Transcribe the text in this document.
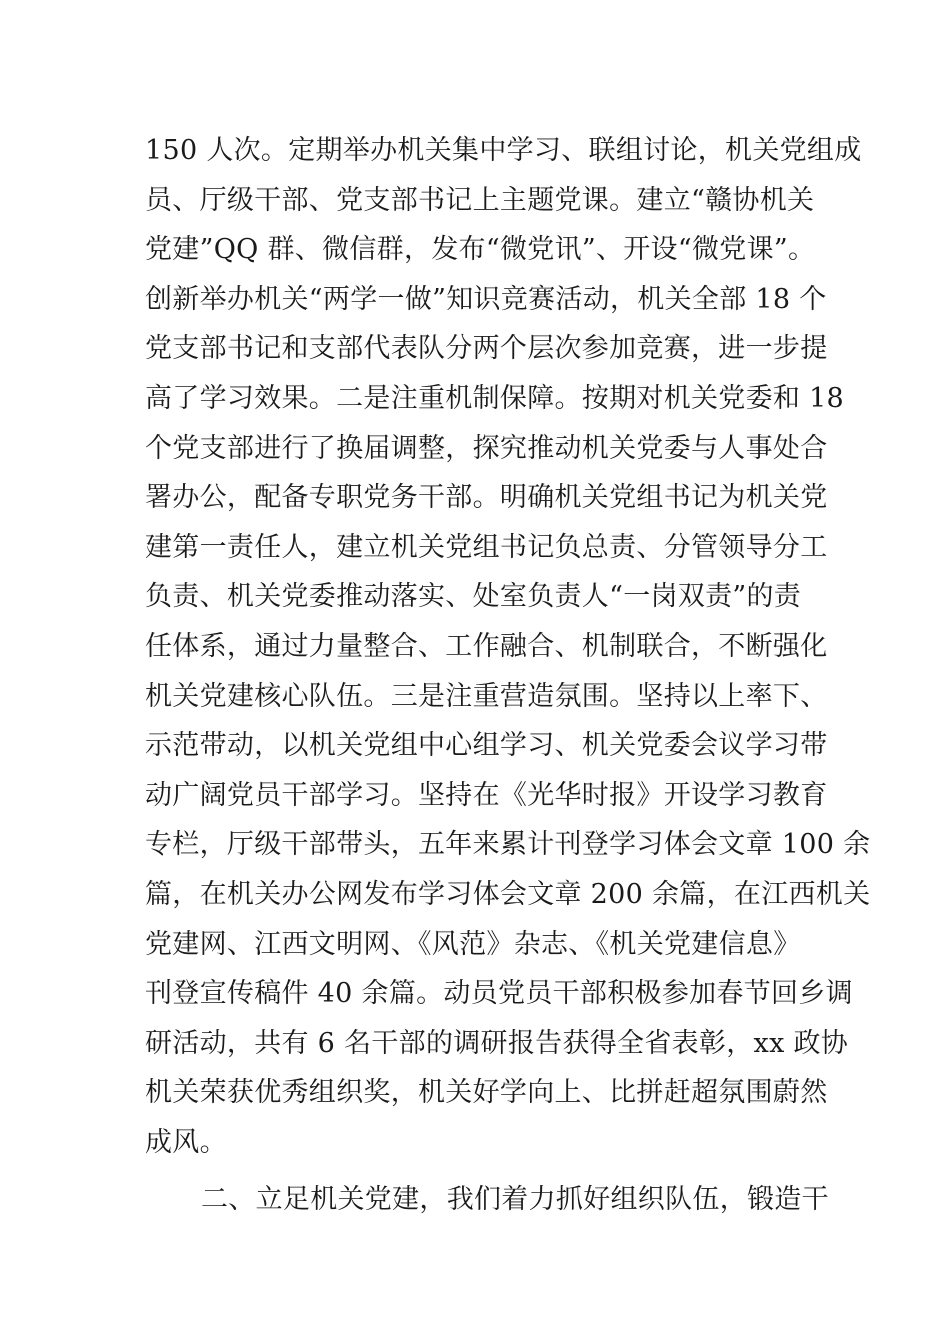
150 人次。定期举办机关集中学习、联组讨论，机关党组成
员、厅级干部、党支部书记上主题党课。建立“赣协机关
党建”QQ 群、微信群，发布“微党讯”、开设“微党课”。
创新举办机关“两学一做”知识竞赛活动，机关全部 18 个
党支部书记和支部代表队分两个层次参加竞赛，进一步提
高了学习效果。二是注重机制保障。按期对机关党委和 18
个党支部进行了换届调整，探究推动机关党委与人事处合
署办公，配备专职党务干部。明确机关党组书记为机关党
建第一责任人，建立机关党组书记负总责、分管领导分工
负责、机关党委推动落实、处室负责人“一岗双责”的责
任体系，通过力量整合、工作融合、机制联合，不断强化
机关党建核心队伍。三是注重营造氛围。坚持以上率下、
示范带动，以机关党组中心组学习、机关党委会议学习带
动广阔党员干部学习。坚持在《光华时报》开设学习教育
专栏，厅级干部带头，五年来累计刊登学习体会文章 100 余
篇，在机关办公网发布学习体会文章 200 余篇，在江西机关
党建网、江西文明网、《风范》杂志、《机关党建信息》
刊登宣传稿件 40 余篇。动员党员干部积极参加春节回乡调
研活动，共有 6 名干部的调研报告获得全省表彰，xx 政协
机关荣获优秀组织奖，机关好学向上、比拼赶超氛围蔚然
成风。
二、立足机关党建，我们着力抓好组织队伍，锻造干
